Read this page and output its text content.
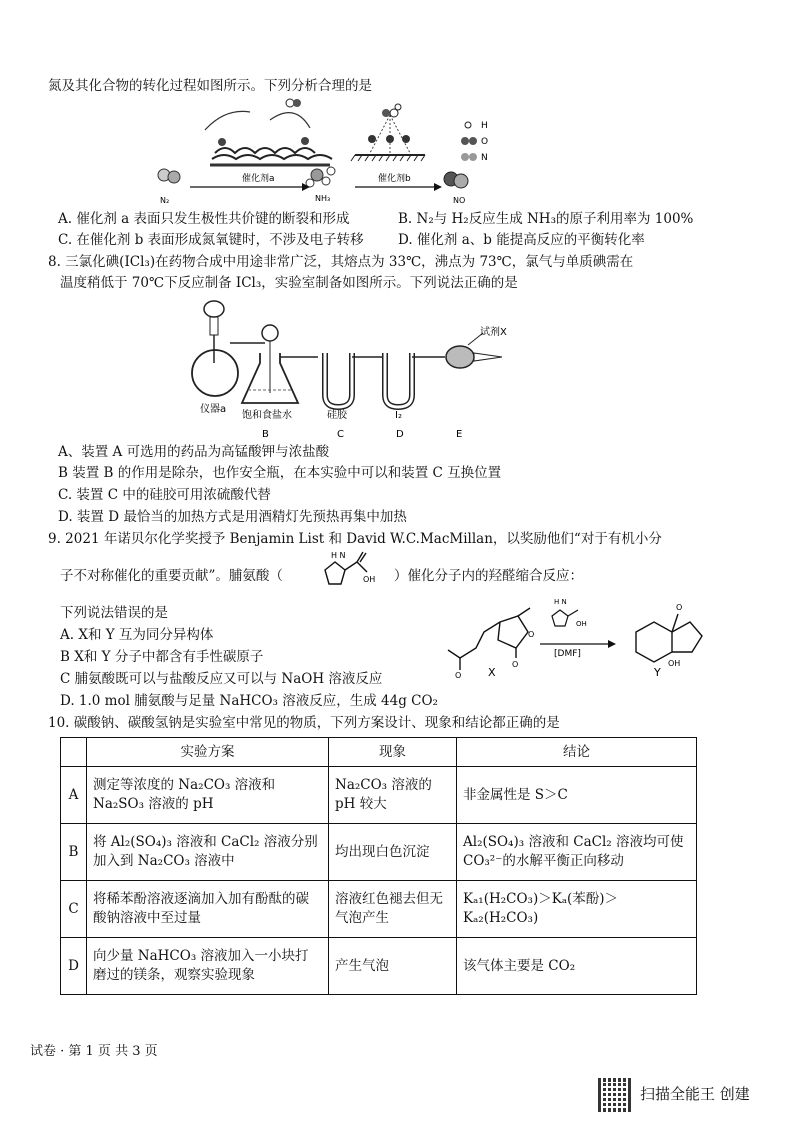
氮及其化合物的转化过程如图所示。下列分析合理的是
H
O
N
催化剂a	催化剂b
N₂	NH₃	NO
A. 催化剂 a 表面只发生极性共价键的断裂和形成	B. N₂与 H₂反应生成 NH₃的原子利用率为 100%
C. 在催化剂 b 表面形成氮氧键时，不涉及电子转移	D. 催化剂 a、b 能提高反应的平衡转化率
8. 三氯化碘(ICl₃)在药物合成中用途非常广泛，其熔点为 33℃，沸点为 73℃，氯气与单质碘需在
温度稍低于 70℃下反应制备 ICl₃，实验室制备如图所示。下列说法正确的是
试剂X
仪器a
饱和食盐水	硅胶	I₂
B	C	D	E
A、装置 A 可选用的药品为高锰酸钾与浓盐酸
B 装置 B 的作用是除杂，也作安全瓶，在本实验中可以和装置 C 互换位置
C. 装置 C 中的硅胶可用浓硫酸代替
D. 装置 D 最恰当的加热方式是用酒精灯先预热再集中加热
9. 2021 年诺贝尔化学奖授予 Benjamin List 和 David W.C.MacMillan，以奖励他们“对于有机小分
子不对称催化的重要贡献”。脯氨酸（
H N
OH ）催化分子内的羟醛缩合反应：
下列说法错误的是
A. X和 Y 互为同分异构体
B X和 Y 分子中都含有手性碳原子
C 脯氨酸既可以与盐酸反应又可以与 NaOH 溶液反应
D. 1.0 mol 脯氨酸与足量 NaHCO₃ 溶液反应，生成 44g CO₂
O
O
O
X
H N
OH
[DMF]
O
OH
Y
10. 碳酸钠、碳酸氢钠是实验室中常见的物质，下列方案设计、现象和结论都正确的是
	实验方案	现象	结论
A	测定等浓度的 Na₂CO₃ 溶液和 Na₂SO₃ 溶液的 pH	Na₂CO₃ 溶液的 pH 较大	非金属性是 S＞C
B	将 Al₂(SO₄)₃ 溶液和 CaCl₂ 溶液分别加入到 Na₂CO₃ 溶液中	均出现白色沉淀	Al₂(SO₄)₃ 溶液和 CaCl₂ 溶液均可使 CO₃²⁻的水解平衡正向移动
C	将稀苯酚溶液逐滴加入加有酚酞的碳酸钠溶液中至过量	溶液红色褪去但无气泡产生	Kₐ₁(H₂CO₃)＞Kₐ(苯酚)＞Kₐ₂(H₂CO₃)
D	向少量 NaHCO₃ 溶液加入一小块打磨过的镁条，观察实验现象	产生气泡	该气体主要是 CO₂
试卷 · 第 1 页 共 3 页
扫描全能王 创建
